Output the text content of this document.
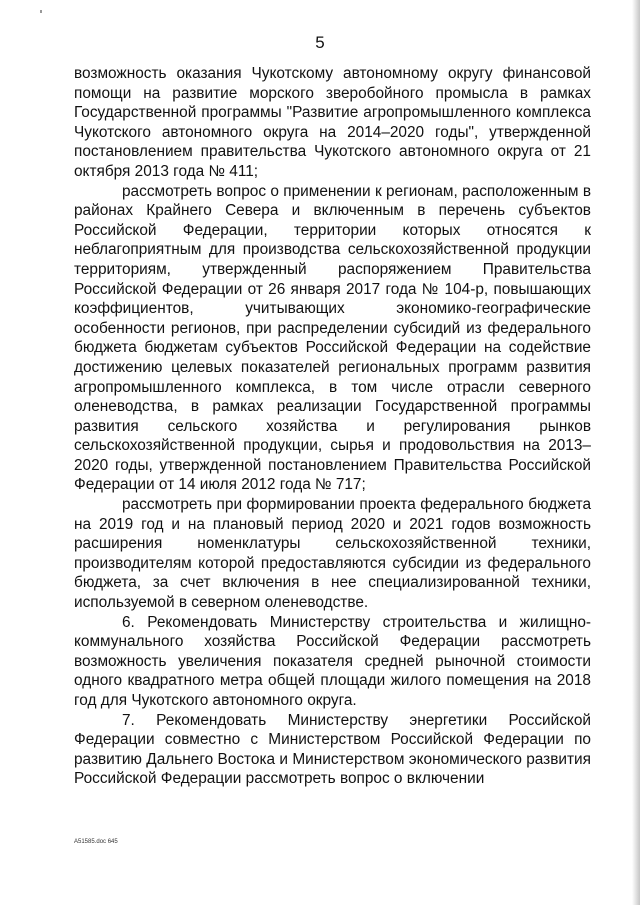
5

возможность оказания Чукотскому автономному округу финансовой помощи на развитие морского зверобойного промысла в рамках Государственной программы "Развитие агропромышленного комплекса Чукотского автономного округа на 2014–2020 годы", утвержденной постановлением правительства Чукотского автономного округа от 21 октября 2013 года № 411;

рассмотреть вопрос о применении к регионам, расположенным в районах Крайнего Севера и включенным в перечень субъектов Российской Федерации, территории которых относятся к неблагоприятным для производства сельскохозяйственной продукции территориям, утвержденный распоряжением Правительства Российской Федерации от 26 января 2017 года № 104-р, повышающих коэффициентов, учитывающих экономико-географические особенности регионов, при распределении субсидий из федерального бюджета бюджетам субъектов Российской Федерации на содействие достижению целевых показателей региональных программ развития агропромышленного комплекса, в том числе отрасли северного оленеводства, в рамках реализации Государственной программы развития сельского хозяйства и регулирования рынков сельскохозяйственной продукции, сырья и продовольствия на 2013–2020 годы, утвержденной постановлением Правительства Российской Федерации от 14 июля 2012 года № 717;

рассмотреть при формировании проекта федерального бюджета на 2019 год и на плановый период 2020 и 2021 годов возможность расширения номенклатуры сельскохозяйственной техники, производителям которой предоставляются субсидии из федерального бюджета, за счет включения в нее специализированной техники, используемой в северном оленеводстве.

6. Рекомендовать Министерству строительства и жилищно-коммунального хозяйства Российской Федерации рассмотреть возможность увеличения показателя средней рыночной стоимости одного квадратного метра общей площади жилого помещения на 2018 год для Чукотского автономного округа.

7. Рекомендовать Министерству энергетики Российской Федерации совместно с Министерством Российской Федерации по развитию Дальнего Востока и Министерством экономического развития Российской Федерации рассмотреть вопрос о включении

А51585.doc 645
